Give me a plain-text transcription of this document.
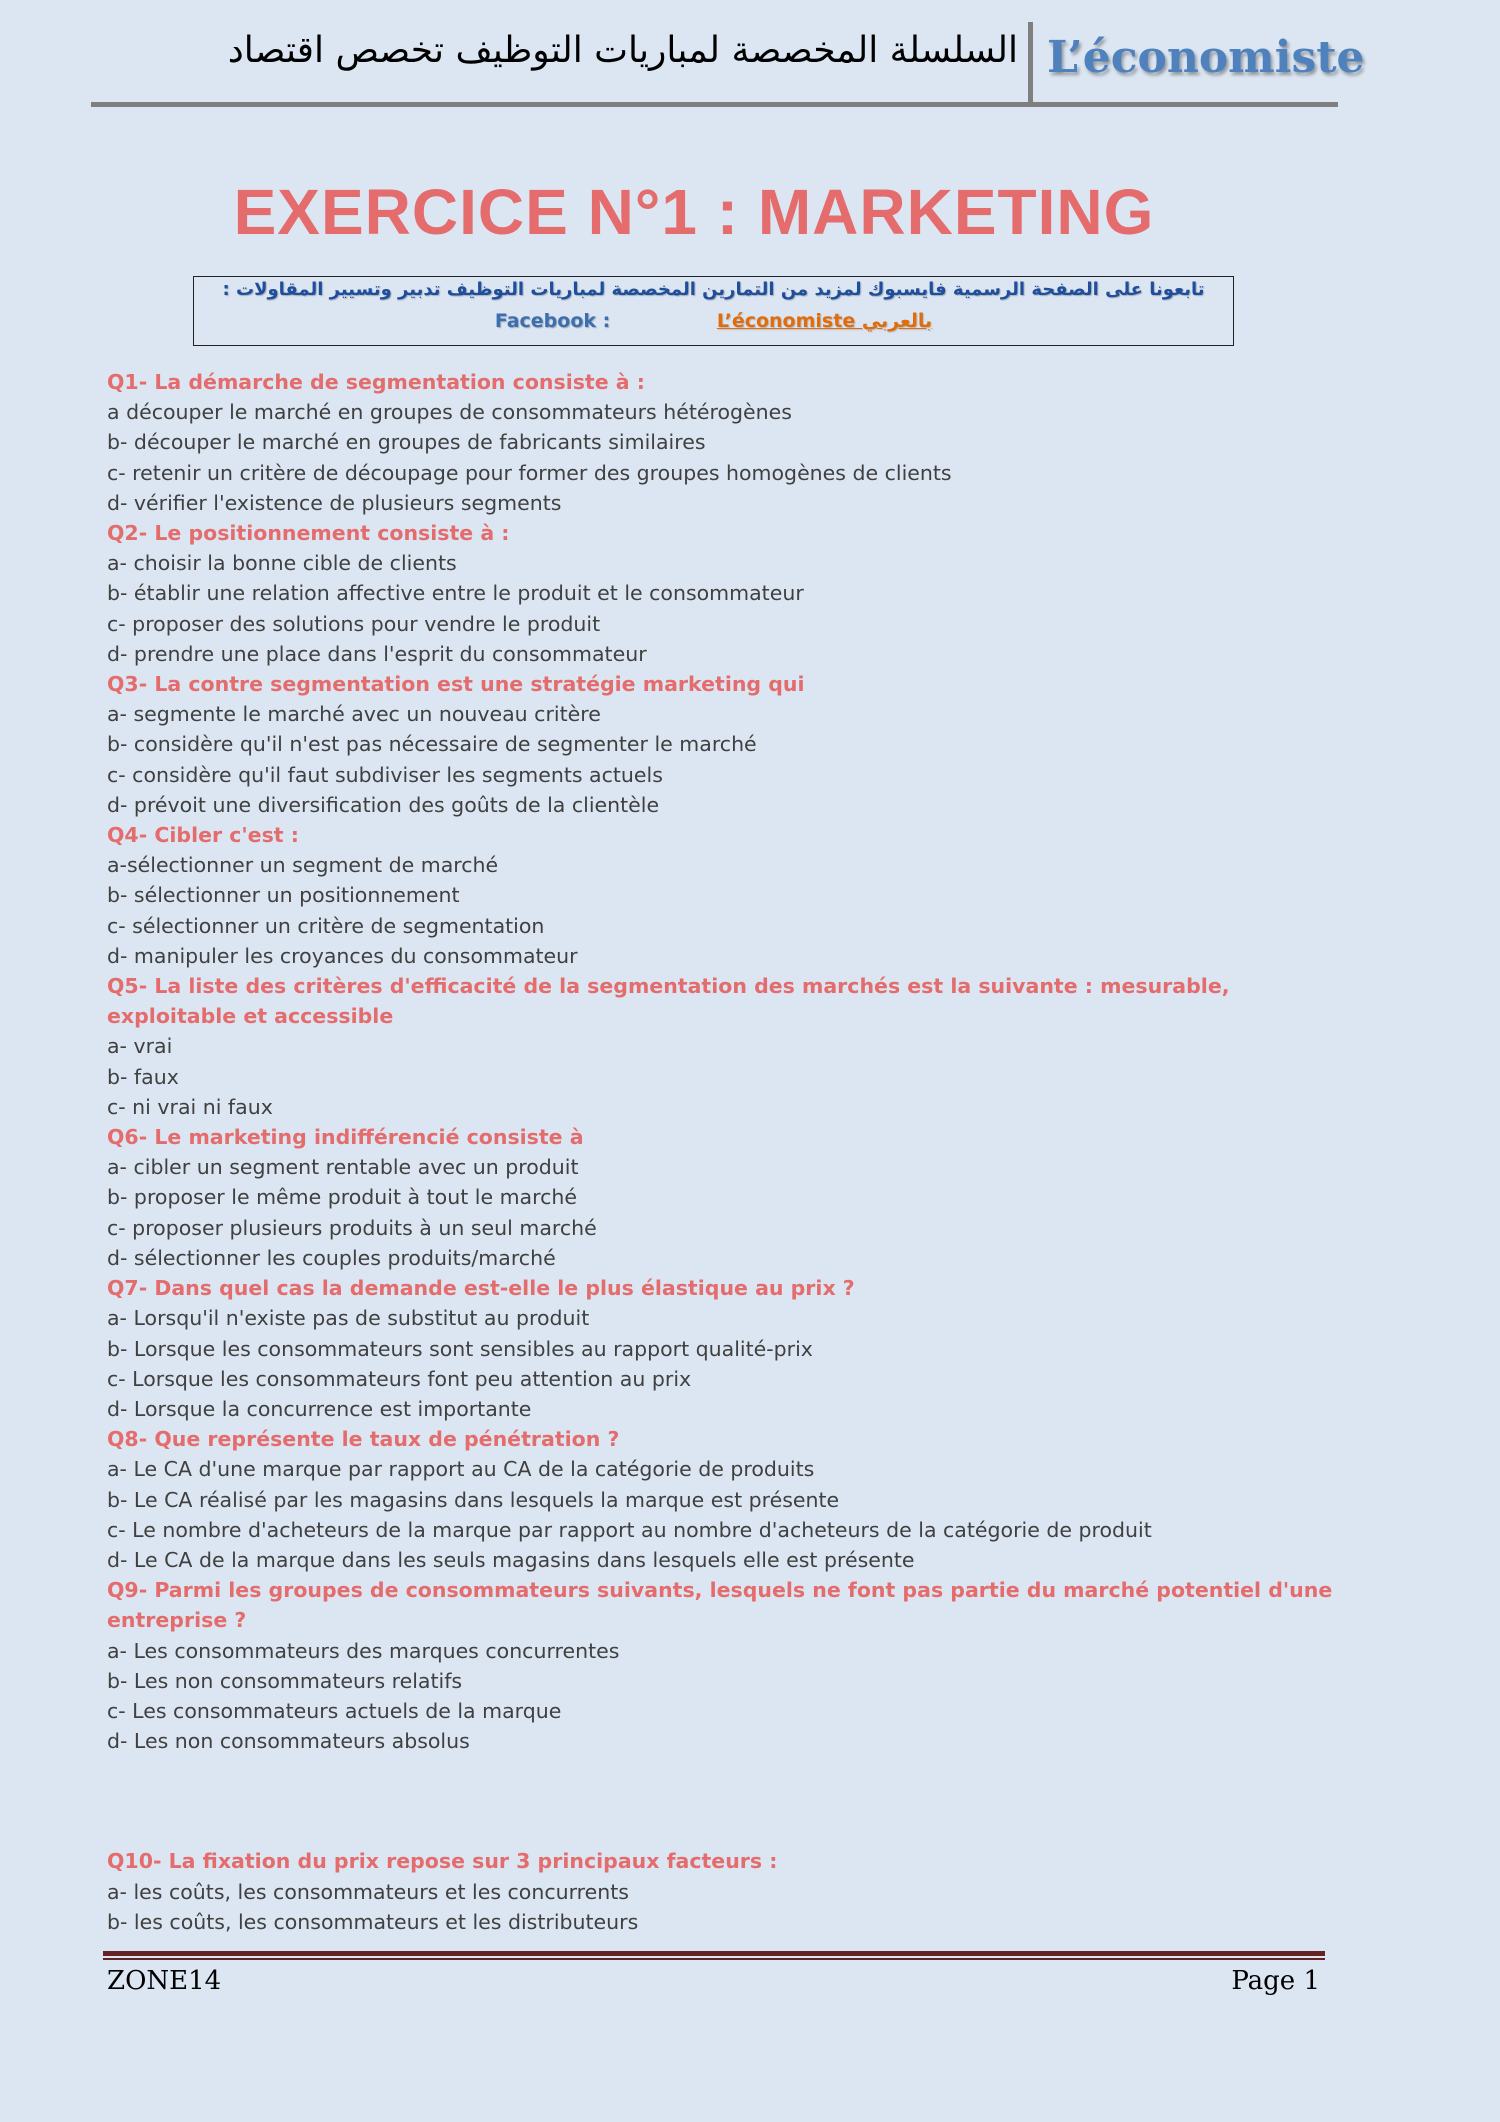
السلسلة المخصصة لمباريات التوظيف تخصص اقتصاد L’économiste
EXERCICE N°1 : MARKETING
تابعونا على الصفحة الرسمية فايسبوك لمزيد من التمارين المخصصة لمباريات التوظيف تدبير وتسيير المقاولات :
Facebook :	L’économiste بالعربي
Q1- La démarche de segmentation consiste à :
a découper le marché en groupes de consommateurs hétérogènes
b- découper le marché en groupes de fabricants similaires
c- retenir un critère de découpage pour former des groupes homogènes de clients
d- vérifier l'existence de plusieurs segments
Q2- Le positionnement consiste à :
a- choisir la bonne cible de clients
b- établir une relation affective entre le produit et le consommateur
c- proposer des solutions pour vendre le produit
d- prendre une place dans l'esprit du consommateur
Q3- La contre segmentation est une stratégie marketing qui
a- segmente le marché avec un nouveau critère
b- considère qu'il n'est pas nécessaire de segmenter le marché
c- considère qu'il faut subdiviser les segments actuels
d- prévoit une diversification des goûts de la clientèle
Q4- Cibler c'est :
a-sélectionner un segment de marché
b- sélectionner un positionnement
c- sélectionner un critère de segmentation
d- manipuler les croyances du consommateur
Q5- La liste des critères d'efficacité de la segmentation des marchés est la suivante : mesurable, exploitable et accessible
a- vrai
b- faux
c- ni vrai ni faux
Q6- Le marketing indifférencié consiste à
a- cibler un segment rentable avec un produit
b- proposer le même produit à tout le marché
c- proposer plusieurs produits à un seul marché
d- sélectionner les couples produits/marché
Q7- Dans quel cas la demande est-elle le plus élastique au prix ?
a- Lorsqu'il n'existe pas de substitut au produit
b- Lorsque les consommateurs sont sensibles au rapport qualité-prix
c- Lorsque les consommateurs font peu attention au prix
d- Lorsque la concurrence est importante
Q8- Que représente le taux de pénétration ?
a- Le CA d'une marque par rapport au CA de la catégorie de produits
b- Le CA réalisé par les magasins dans lesquels la marque est présente
c- Le nombre d'acheteurs de la marque par rapport au nombre d'acheteurs de la catégorie de produit
d- Le CA de la marque dans les seuls magasins dans lesquels elle est présente
Q9- Parmi les groupes de consommateurs suivants, lesquels ne font pas partie du marché potentiel d'une entreprise ?
a- Les consommateurs des marques concurrentes
b- Les non consommateurs relatifs
c- Les consommateurs actuels de la marque
d- Les non consommateurs absolus
Q10- La fixation du prix repose sur 3 principaux facteurs :
a- les coûts, les consommateurs et les concurrents
b- les coûts, les consommateurs et les distributeurs
ZONE14	Page 1
